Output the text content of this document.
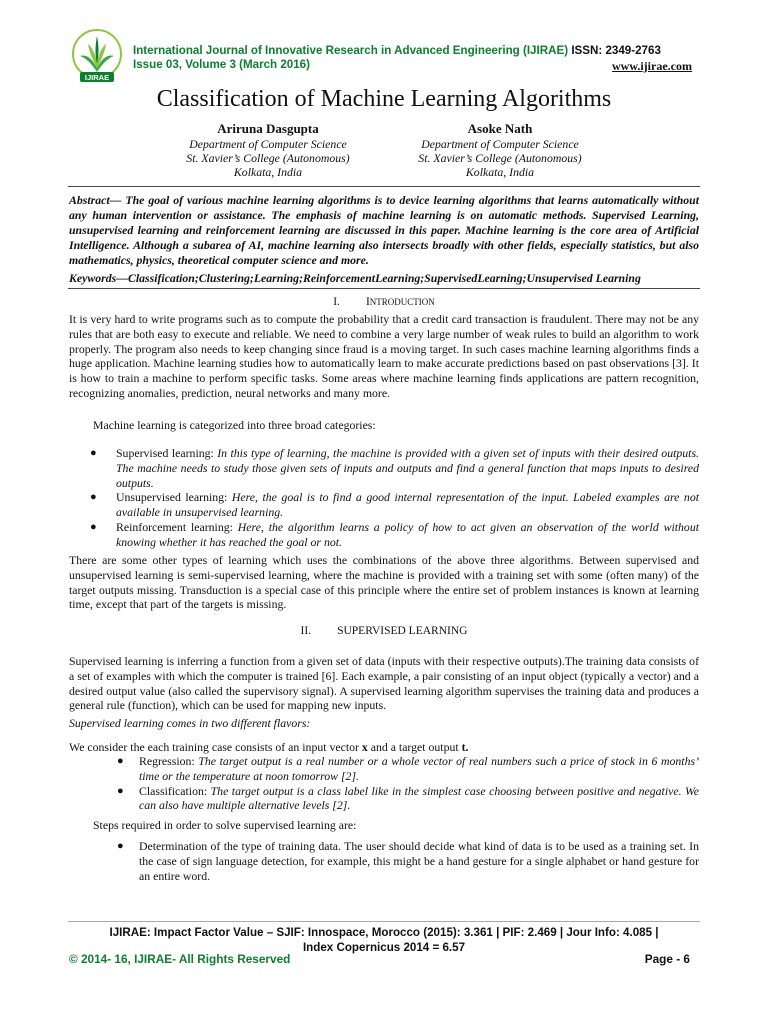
IJIRAE
International Journal of Innovative Research in Advanced Engineering (IJIRAE) ISSN: 2349-2763
Issue 03, Volume 3 (March 2016)	www.ijirae.com
Classification of Machine Learning Algorithms
Ariruna Dasgupta
Department of Computer Science
St. Xavier’s College (Autonomous)
Kolkata, India
Asoke Nath
Department of Computer Science
St. Xavier’s College (Autonomous)
Kolkata, India
Abstract— The goal of various machine learning algorithms is to device learning algorithms that learns automatically without any human intervention or assistance. The emphasis of machine learning is on automatic methods. Supervised Learning, unsupervised learning and reinforcement learning are discussed in this paper. Machine learning is the core area of Artificial Intelligence. Although a subarea of AI, machine learning also intersects broadly with other fields, especially statistics, but also mathematics, physics, theoretical computer science and more.
Keywords—Classification;Clustering;Learning;ReinforcementLearning;SupervisedLearning;Unsupervised Learning
I. Introduction
It is very hard to write programs such as to compute the probability that a credit card transaction is fraudulent. There may not be any rules that are both easy to execute and reliable. We need to combine a very large number of weak rules to build an algorithm to work properly. The program also needs to keep changing since fraud is a moving target. In such cases machine learning algorithms finds a huge application. Machine learning studies how to automatically learn to make accurate predictions based on past observations [3]. It is how to train a machine to perform specific tasks. Some areas where machine learning finds applications are pattern recognition, recognizing anomalies, prediction, neural networks and many more.
Machine learning is categorized into three broad categories:
● Supervised learning: In this type of learning, the machine is provided with a given set of inputs with their desired outputs. The machine needs to study those given sets of inputs and outputs and find a general function that maps inputs to desired outputs.
● Unsupervised learning: Here, the goal is to find a good internal representation of the input. Labeled examples are not available in unsupervised learning.
● Reinforcement learning: Here, the algorithm learns a policy of how to act given an observation of the world without knowing whether it has reached the goal or not.
There are some other types of learning which uses the combinations of the above three algorithms. Between supervised and unsupervised learning is semi-supervised learning, where the machine is provided with a training set with some (often many) of the target outputs missing. Transduction is a special case of this principle where the entire set of problem instances is known at learning time, except that part of the targets is missing.
II. SUPERVISED LEARNING
Supervised learning is inferring a function from a given set of data (inputs with their respective outputs).The training data consists of a set of examples with which the computer is trained [6]. Each example, a pair consisting of an input object (typically a vector) and a desired output value (also called the supervisory signal). A supervised learning algorithm supervises the training data and produces a general rule (function), which can be used for mapping new inputs.
Supervised learning comes in two different flavors:
We consider the each training case consists of an input vector x and a target output t.
● Regression: The target output is a real number or a whole vector of real numbers such a price of stock in 6 months’ time or the temperature at noon tomorrow [2].
● Classification: The target output is a class label like in the simplest case choosing between positive and negative. We can also have multiple alternative levels [2].
Steps required in order to solve supervised learning are:
● Determination of the type of training data. The user should decide what kind of data is to be used as a training set. In the case of sign language detection, for example, this might be a hand gesture for a single alphabet or hand gesture for an entire word.
IJIRAE: Impact Factor Value – SJIF: Innospace, Morocco (2015): 3.361 | PIF: 2.469 | Jour Info: 4.085 |
Index Copernicus 2014 = 6.57
© 2014- 16, IJIRAE- All Rights Reserved	Page - 6
